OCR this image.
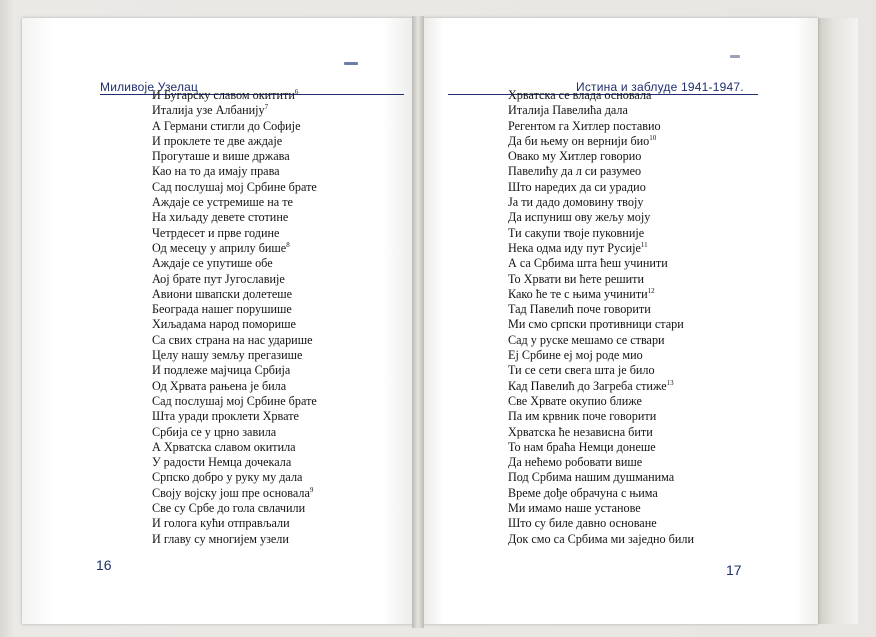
Миливоје Узелац
И Бугарску славом окитити$^6$
Италија узе Албанију$^7$
А Германи стигли до Софије
И проклете те две аждаје
Прогуташе и више држава
Као на то да имају права
Сад послушај мој Србине брате
Аждаје се устремише на те
На хиљаду девете стотине
Четрдесет и прве године
Од месецу у априлу бише$^8$
Аждаје се упутише обе
Аој брате пут Југославије
Авиони швапски долетеше
Београда нашег порушише
Хиљадама народ поморише
Са свих страна на нас ударише
Целу нашу земљу прегазише
И подлеже мајчица Србија
Од Хрвата рањена је била
Сад послушај мој Србине брате
Шта уради проклети Хрвате
Србија се у црно завила
А Хрватска славом окитила
У радости Немца дочекала
Српско добро у руку му дала
Своју војску још пре основала$^9$
Све су Србе до гола свлачили
И голога кући отправљали
И главу су многијем узели
16
Истина и заблуде 1941-1947.
Хрватска се влада основала
Италија Павелића дала
Регентом га Хитлер поставио
Да би њему он верниjи био$^{10}$
Овако му Хитлер говорио
Павелићу да л си разумео
Што наредих да си урадио
Ја ти дадо домовину твоју
Да испуниш ову жељу моју
Ти сакупи твоје пуковније
Нека одма иду пут Русије$^{11}$
А са Србима шта ћеш учинити
То Хрвати ви ћете решити
Како ће те с њима учинити$^{12}$
Тад Павелић поче говорити
Ми смо српски противници стари
Сад у руске мешамо се ствари
Еј Србине еј мој роде мио
Ти се сети свега шта је било
Кад Павелић до Загреба стиже$^{13}$
Све Хрвате окупио ближе
Па им крвник поче говорити
Хрватска ће независна бити
То нам браћа Немци донеше
Да нећемо робовати више
Под Србима нашим душманима
Време дође обрачуна с њима
Ми имамо наше установе
Што су биле давно основане
Док смо са Србима ми заједно били
17
